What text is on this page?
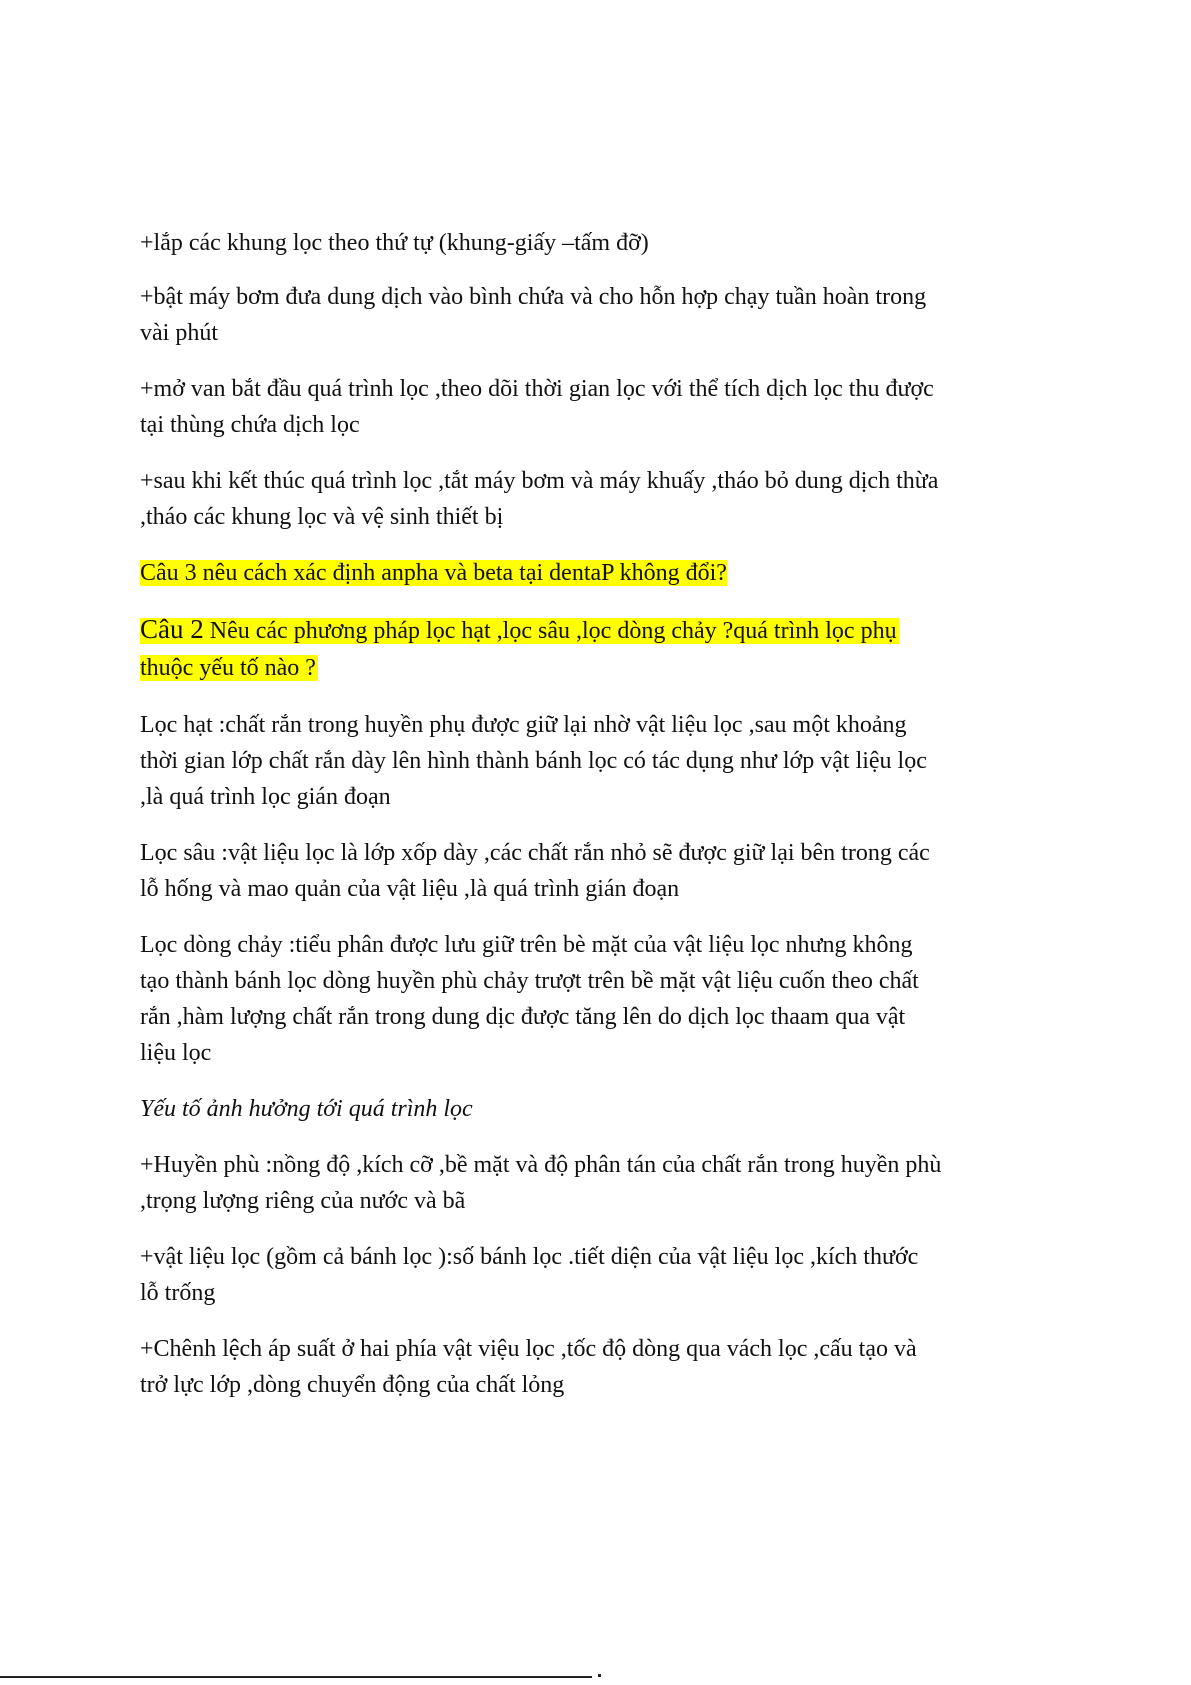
+lắp các khung lọc theo thứ tự (khung-giấy –tấm đỡ)
+bật máy bơm đưa dung dịch vào bình chứa và cho hỗn hợp chạy tuần hoàn trong
vài phút
+mở van bắt đầu quá trình lọc ,theo dõi thời gian lọc với thể tích dịch lọc thu được
tại thùng chứa dịch lọc
+sau khi kết thúc quá trình lọc ,tắt máy bơm và máy khuấy ,tháo bỏ dung dịch thừa
,tháo các khung lọc và vệ sinh thiết bị
Câu 3 nêu cách xác định anpha và beta tại dentaP không đổi?
Câu 2 Nêu các phương pháp lọc hạt ,lọc sâu ,lọc dòng chảy ?quá trình lọc phụ
thuộc yếu tố nào ?
Lọc hạt :chất rắn trong huyền phụ được giữ lại nhờ vật liệu lọc ,sau một khoảng
thời gian lớp chất rắn dày lên hình thành bánh lọc có tác dụng như lớp vật liệu lọc
,là quá trình lọc gián đoạn
Lọc sâu :vật liệu lọc là lớp xốp dày ,các chất rắn nhỏ sẽ được giữ lại bên trong các
lỗ hống và mao quản của vật liệu ,là quá trình gián đoạn
Lọc dòng chảy :tiểu phân được lưu giữ trên bè mặt của vật liệu lọc nhưng không
tạo thành bánh lọc dòng huyền phù chảy trượt trên bề mặt vật liệu cuốn theo chất
rắn ,hàm lượng chất rắn trong dung dịc được tăng lên do dịch lọc thaam qua vật
liệu lọc
Yếu tố ảnh hưởng tới quá trình lọc
+Huyền phù :nồng độ ,kích cỡ ,bề mặt và độ phân tán của chất rắn trong huyền phù
,trọng lượng riêng của nước và bã
+vật liệu lọc (gồm cả bánh lọc ):số bánh lọc .tiết diện của vật liệu lọc ,kích thước
lỗ trống
+Chênh lệch áp suất ở hai phía vật việu lọc ,tốc độ dòng qua vách lọc ,cấu tạo và
trở lực lớp ,dòng chuyển động của chất lỏng
